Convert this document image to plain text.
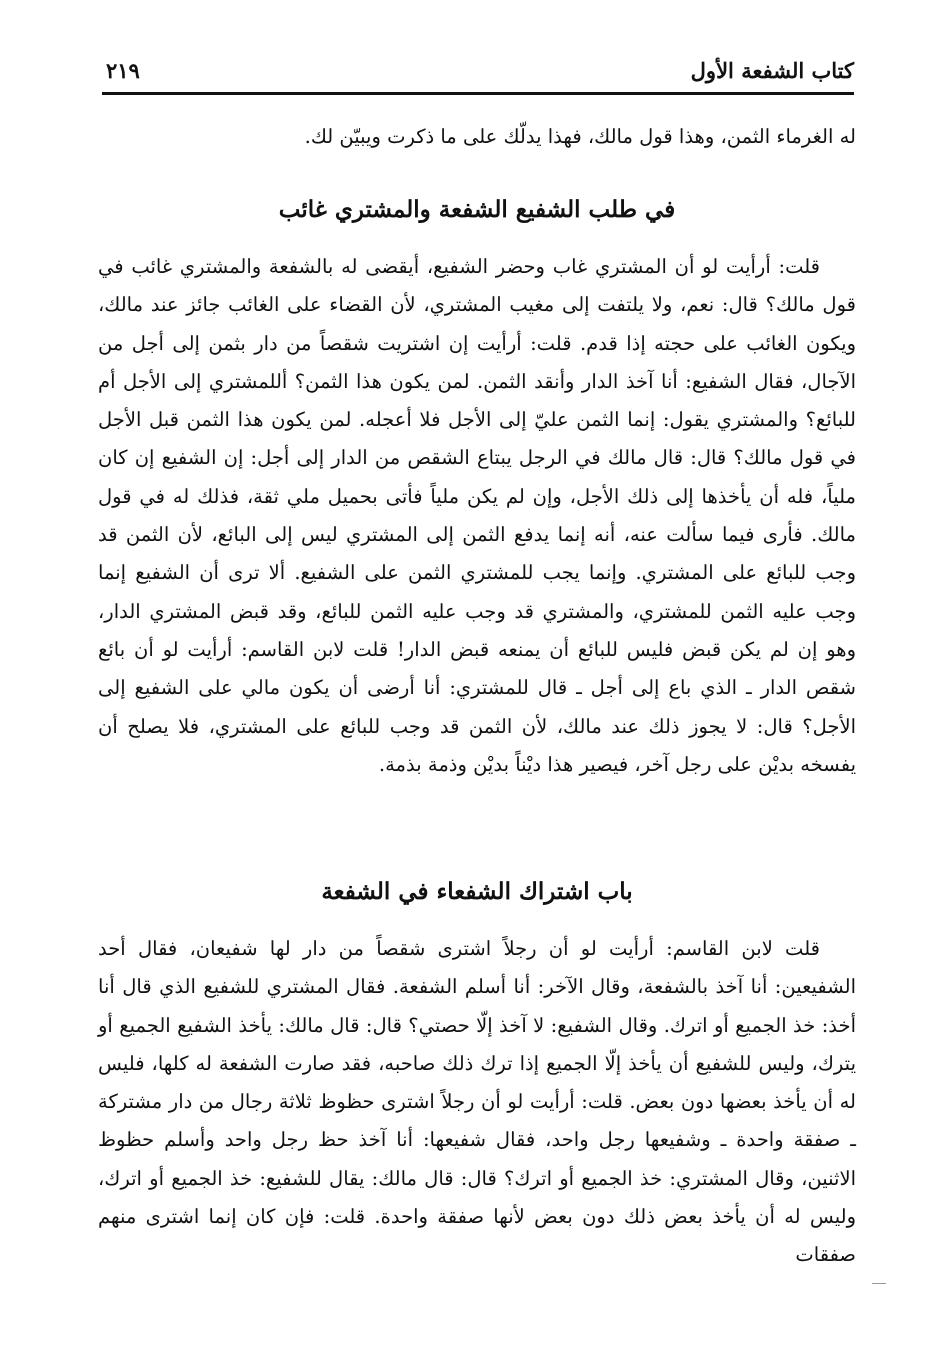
كتاب الشفعة الأول
٢١٩

له الغرماء الثمن، وهذا قول مالك، فهذا يدلّك على ما ذكرت ويبيّن لك.

في طلب الشفيع الشفعة والمشتري غائب

قلت: أرأيت لو أن المشتري غاب وحضر الشفيع، أيقضى له بالشفعة والمشتري غائب في قول مالك؟ قال: نعم، ولا يلتفت إلى مغيب المشتري، لأن القضاء على الغائب جائز عند مالك، ويكون الغائب على حجته إذا قدم. قلت: أرأيت إن اشتريت شقصاً من دار بثمن إلى أجل من الآجال، فقال الشفيع: أنا آخذ الدار وأنقد الثمن. لمن يكون هذا الثمن؟ أللمشتري إلى الأجل أم للبائع؟ والمشتري يقول: إنما الثمن عليّ إلى الأجل فلا أعجله. لمن يكون هذا الثمن قبل الأجل في قول مالك؟ قال: قال مالك في الرجل يبتاع الشقص من الدار إلى أجل: إن الشفيع إن كان ملياً، فله أن يأخذها إلى ذلك الأجل، وإن لم يكن ملياً فأتى بحميل ملي ثقة، فذلك له في قول مالك. فأرى فيما سألت عنه، أنه إنما يدفع الثمن إلى المشتري ليس إلى البائع، لأن الثمن قد وجب للبائع على المشتري. وإنما يجب للمشتري الثمن على الشفيع. ألا ترى أن الشفيع إنما وجب عليه الثمن للمشتري، والمشتري قد وجب عليه الثمن للبائع، وقد قبض المشتري الدار، وهو إن لم يكن قبض فليس للبائع أن يمنعه قبض الدار! قلت لابن القاسم: أرأيت لو أن بائع شقص الدار ـ الذي باع إلى أجل ـ قال للمشتري: أنا أرضى أن يكون مالي على الشفيع إلى الأجل؟ قال: لا يجوز ذلك عند مالك، لأن الثمن قد وجب للبائع على المشتري، فلا يصلح أن يفسخه بديْن على رجل آخر، فيصير هذا ديْناً بديْن وذمة بذمة.

باب اشتراك الشفعاء في الشفعة

قلت لابن القاسم: أرأيت لو أن رجلاً اشترى شقصاً من دار لها شفيعان، فقال أحد الشفيعين: أنا آخذ بالشفعة، وقال الآخر: أنا أسلم الشفعة. فقال المشتري للشفيع الذي قال أنا أخذ: خذ الجميع أو اترك. وقال الشفيع: لا آخذ إلّا حصتي؟ قال: قال مالك: يأخذ الشفيع الجميع أو يترك، وليس للشفيع أن يأخذ إلّا الجميع إذا ترك ذلك صاحبه، فقد صارت الشفعة له كلها، فليس له أن يأخذ بعضها دون بعض. قلت: أرأيت لو أن رجلاً اشترى حظوظ ثلاثة رجال من دار مشتركة ـ صفقة واحدة ـ وشفيعها رجل واحد، فقال شفيعها: أنا آخذ حظ رجل واحد وأسلم حظوظ الاثنين، وقال المشتري: خذ الجميع أو اترك؟ قال: قال مالك: يقال للشفيع: خذ الجميع أو اترك، وليس له أن يأخذ بعض ذلك دون بعض لأنها صفقة واحدة. قلت: فإن كان إنما اشترى منهم صفقات
